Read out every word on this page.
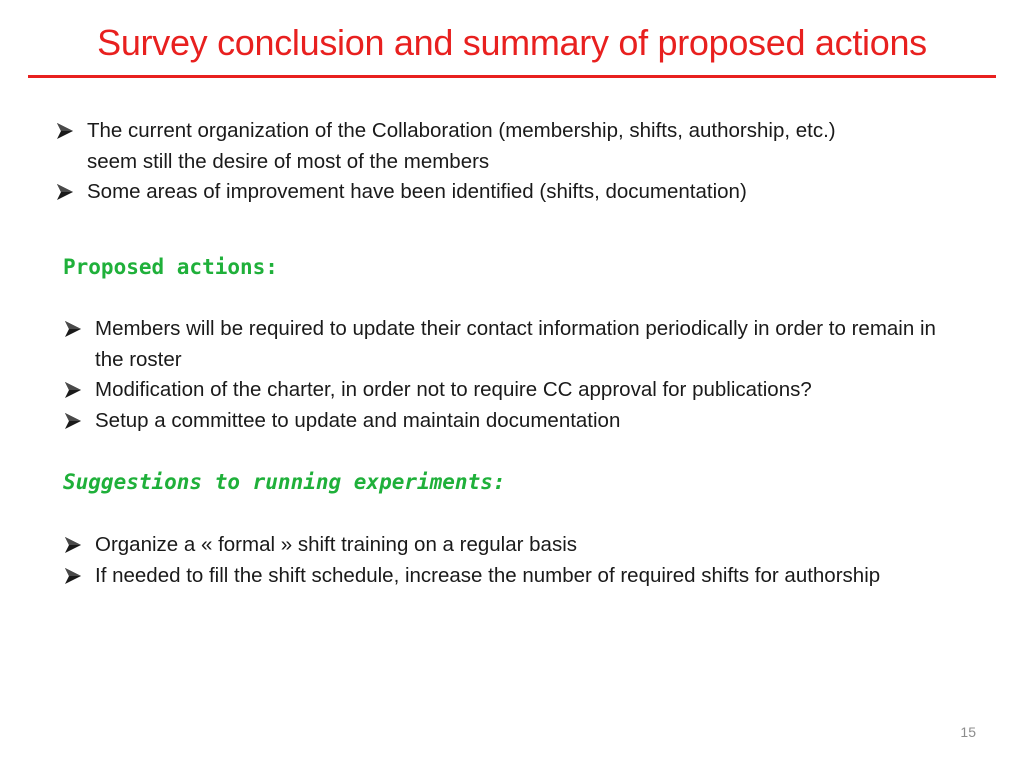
Survey conclusion and summary of proposed actions
The current organization of the Collaboration (membership, shifts, authorship, etc.) seem still the desire of most of the members
Some areas of improvement have been identified (shifts, documentation)
Proposed actions:
Members will be required to update their contact information periodically in order to remain in the roster
Modification of the charter, in order not to require CC approval for publications?
Setup a committee to update and maintain documentation
Suggestions to running experiments:
Organize a « formal » shift training on a regular basis
If needed to fill the shift schedule, increase the number of required shifts for authorship
15
